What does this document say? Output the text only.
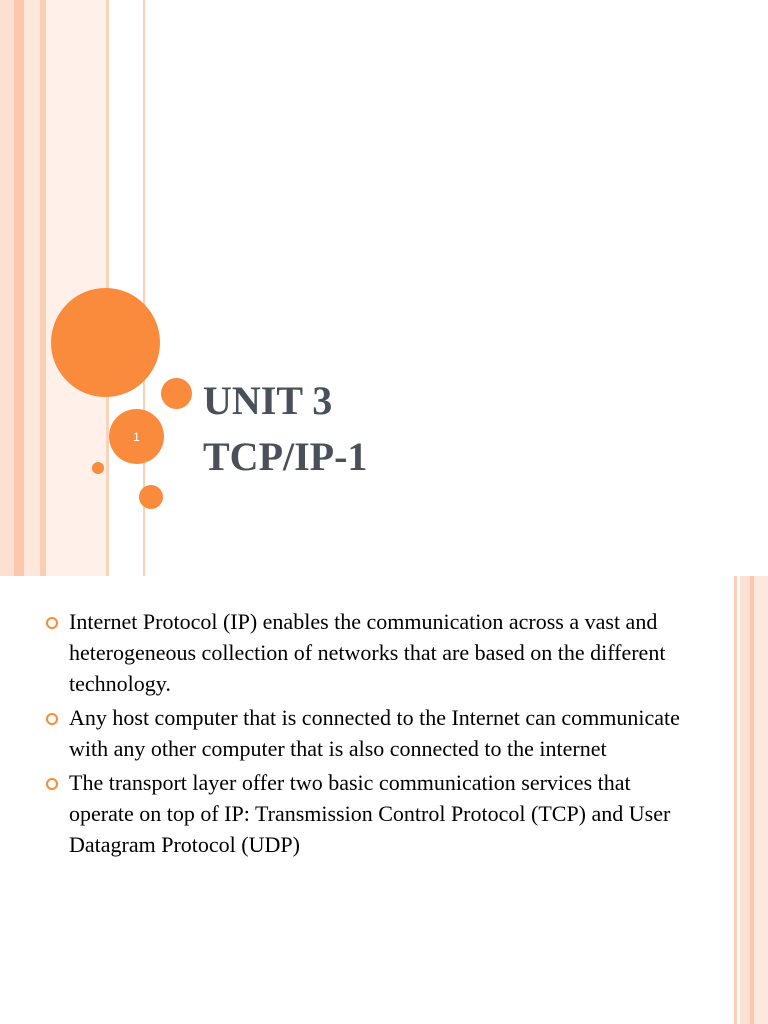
1
UNIT 3
TCP/IP-1
Internet Protocol (IP) enables the communication across a vast and heterogeneous collection of networks that are based on the different technology.
Any host computer that is connected to the Internet can communicate with any other computer that is also connected to the internet
The transport layer offer two basic communication services that operate on top of IP: Transmission Control Protocol (TCP) and User Datagram Protocol (UDP)
